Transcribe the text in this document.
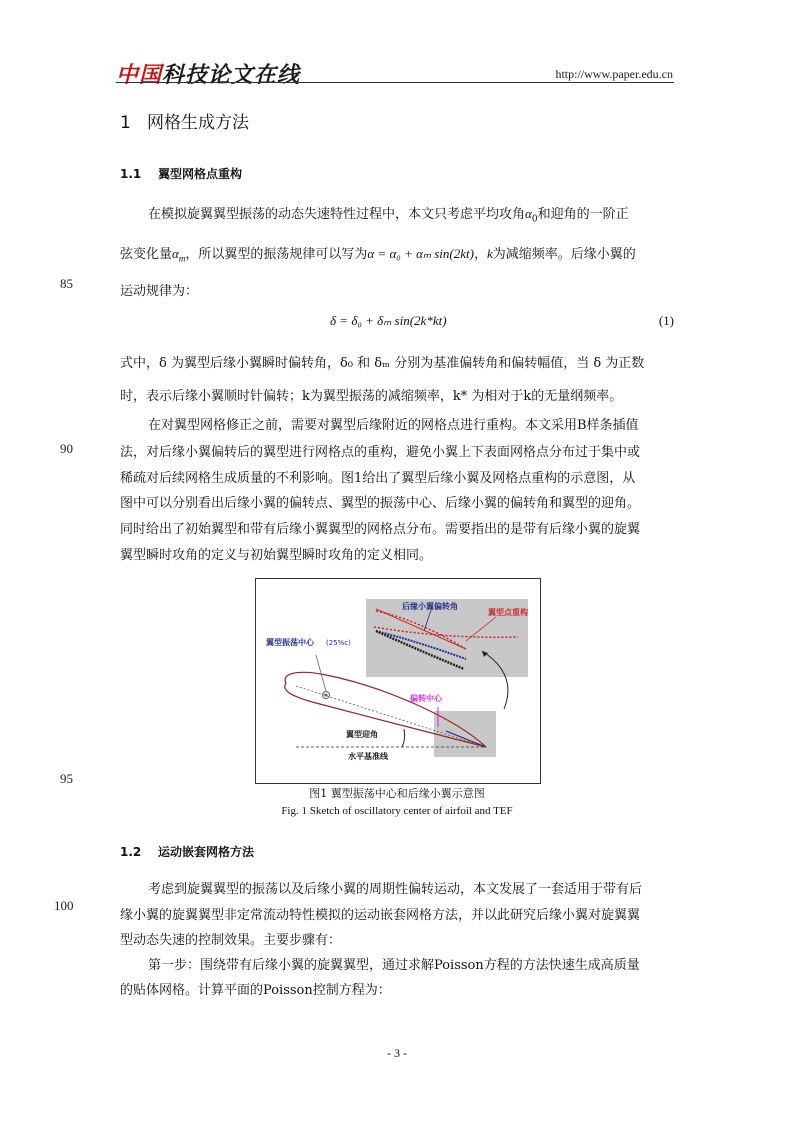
中国科技论文在线	http://www.paper.edu.cn
1 网格生成方法
1.1 翼型网格点重构
在模拟旋翼翼型振荡的动态失速特性过程中，本文只考虑平均攻角$\alpha_0$和迎角的一阶正
弦变化量$\alpha_m$，所以翼型的振荡规律可以写为α = α₀ + αₘ sin(2kt)，k为减缩频率。后缘小翼的
运动规律为：
δ = δ₀ + δₘ sin(2k*kt)	(1)
式中，δ 为翼型后缘小翼瞬时偏转角，δ₀ 和 δₘ 分别为基准偏转角和偏转幅值，当 δ 为正数
时，表示后缘小翼顺时针偏转；k为翼型振荡的减缩频率，k* 为相对于k的无量纲频率。
在对翼型网格修正之前，需要对翼型后缘附近的网格点进行重构。本文采用B样条插值
法，对后缘小翼偏转后的翼型进行网格点的重构，避免小翼上下表面网格点分布过于集中或
稀疏对后续网格生成质量的不利影响。图1给出了翼型后缘小翼及网格点重构的示意图，从
图中可以分别看出后缘小翼的偏转点、翼型的振荡中心、后缘小翼的偏转角和翼型的迎角。
同时给出了初始翼型和带有后缘小翼翼型的网格点分布。需要指出的是带有后缘小翼的旋翼
翼型瞬时攻角的定义与初始翼型瞬时攻角的定义相同。
后缘小翼偏转角
翼型点重构
翼型振荡中心 (25%c)
偏转中心
翼型迎角
水平基准线
图1 翼型振荡中心和后缘小翼示意图
Fig. 1 Sketch of oscillatory center of airfoil and TEF
1.2 运动嵌套网格方法
考虑到旋翼翼型的振荡以及后缘小翼的周期性偏转运动，本文发展了一套适用于带有后
缘小翼的旋翼翼型非定常流动特性模拟的运动嵌套网格方法，并以此研究后缘小翼对旋翼翼
型动态失速的控制效果。主要步骤有：
第一步：围绕带有后缘小翼的旋翼翼型，通过求解Poisson方程的方法快速生成高质量
的贴体网格。计算平面的Poisson控制方程为：
85
90
95
100
- 3 -
